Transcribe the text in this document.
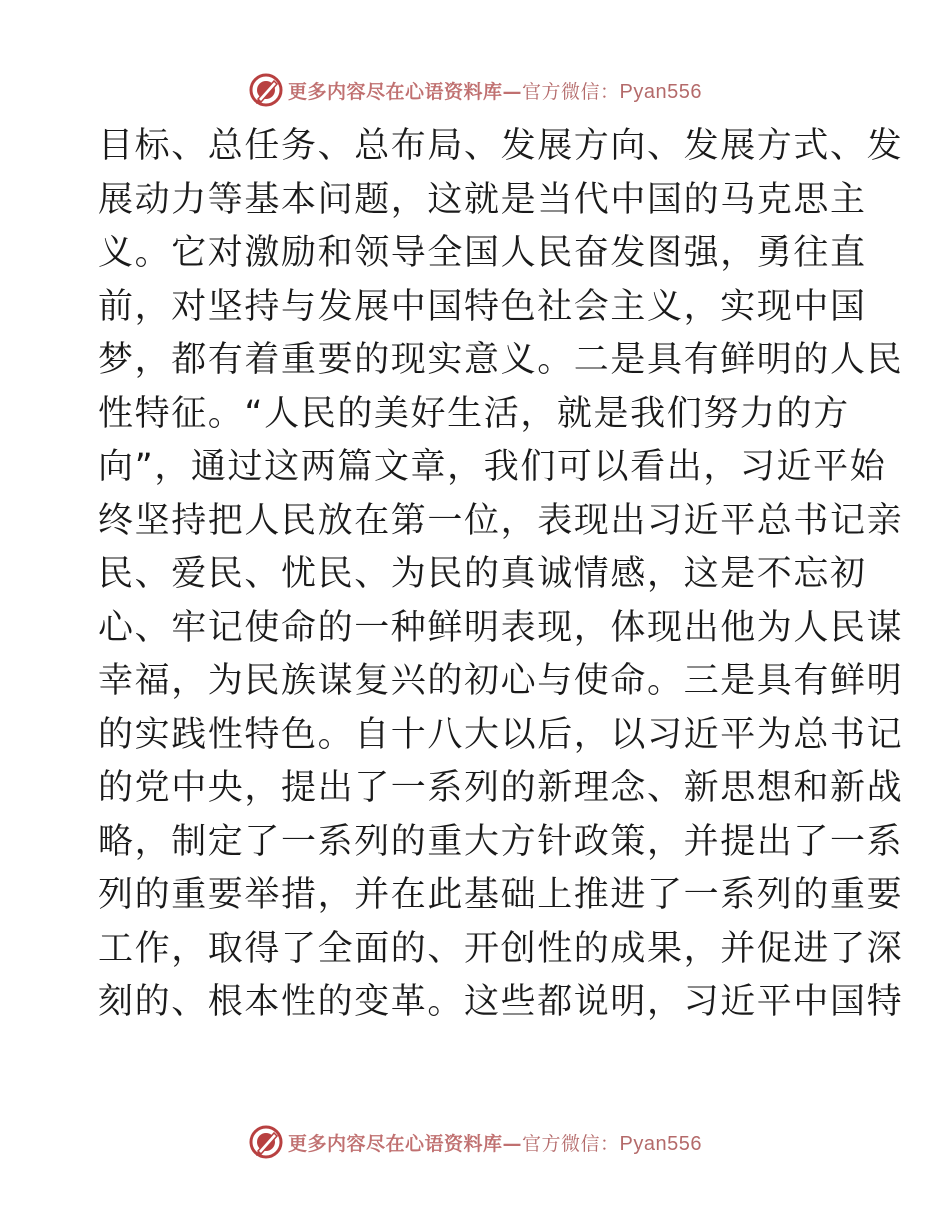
更多内容尽在心语资料库—官方微信：Pyan556
目标、总任务、总布局、发展方向、发展方式、发
展动力等基本问题，这就是当代中国的马克思主
义。它对激励和领导全国人民奋发图强，勇往直
前，对坚持与发展中国特色社会主义，实现中国
梦，都有着重要的现实意义。二是具有鲜明的人民
性特征。“人民的美好生活，就是我们努力的方
向”，通过这两篇文章，我们可以看出，习近平始
终坚持把人民放在第一位，表现出习近平总书记亲
民、爱民、忧民、为民的真诚情感，这是不忘初
心、牢记使命的一种鲜明表现，体现出他为人民谋
幸福，为民族谋复兴的初心与使命。三是具有鲜明
的实践性特色。自十八大以后，以习近平为总书记
的党中央，提出了一系列的新理念、新思想和新战
略，制定了一系列的重大方针政策，并提出了一系
列的重要举措，并在此基础上推进了一系列的重要
工作，取得了全面的、开创性的成果，并促进了深
刻的、根本性的变革。这些都说明，习近平中国特
更多内容尽在心语资料库—官方微信：Pyan556
